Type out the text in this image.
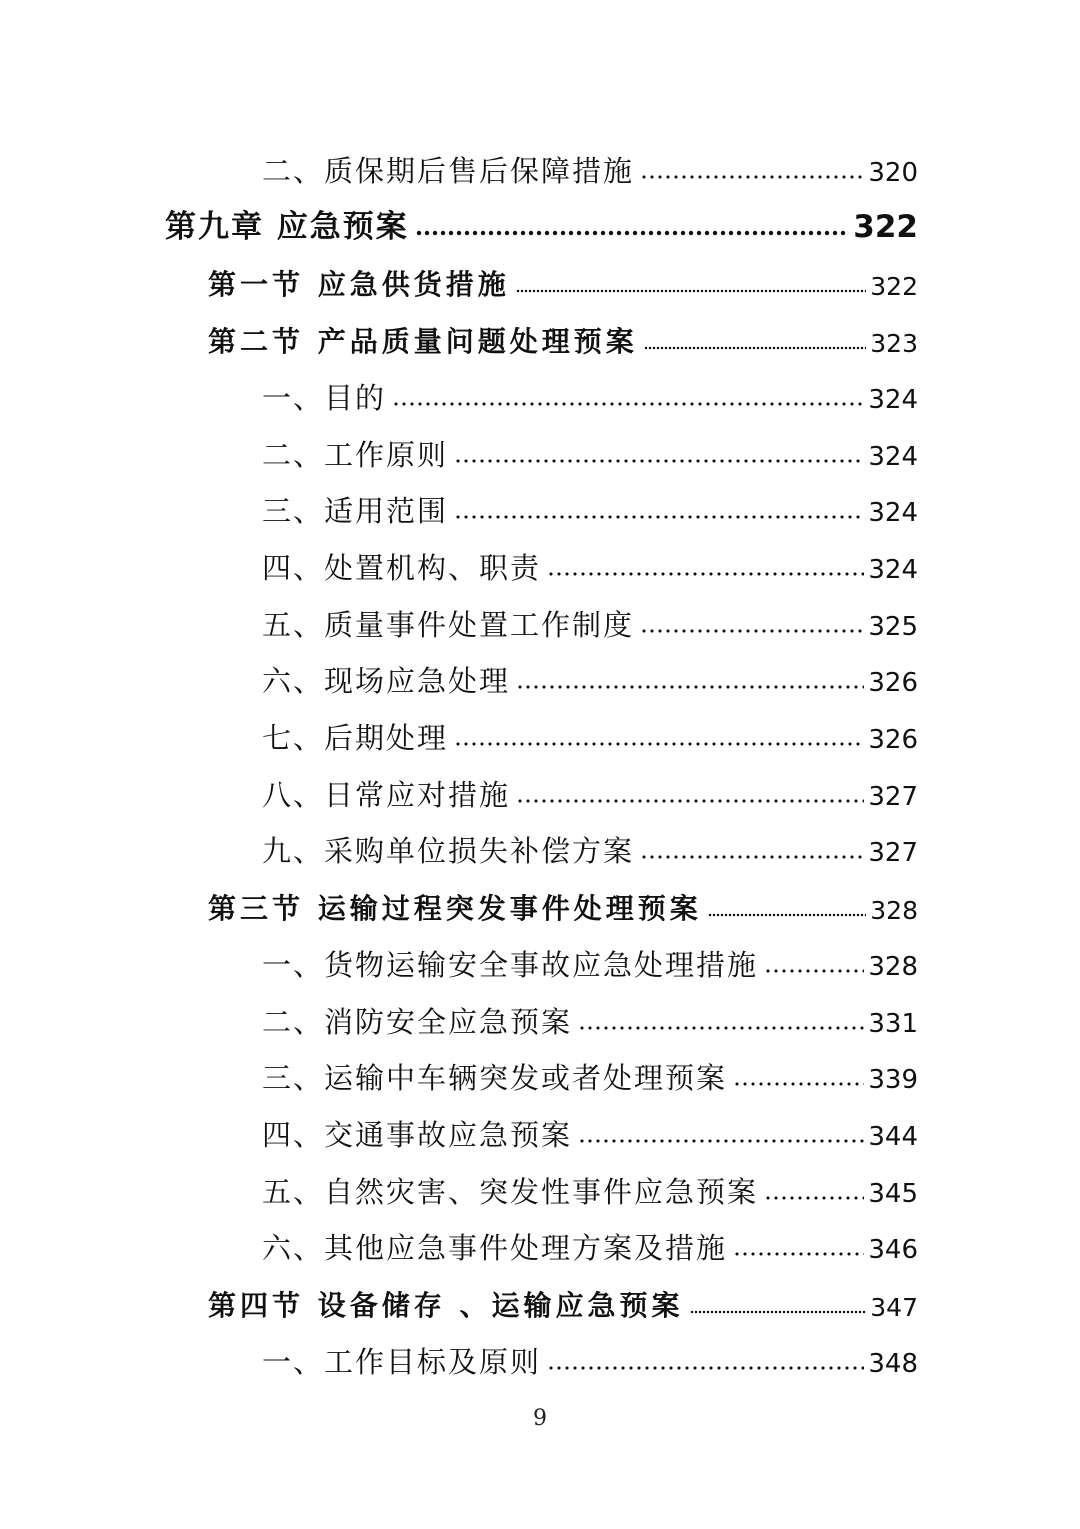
二、质保期后售后保障措施	320
第九章 应急预案	322
第一节 应急供货措施	322
第二节 产品质量问题处理预案	323
一、目的	324
二、工作原则	324
三、适用范围	324
四、处置机构、职责	324
五、质量事件处置工作制度	325
六、现场应急处理	326
七、后期处理	326
八、日常应对措施	327
九、采购单位损失补偿方案	327
第三节 运输过程突发事件处理预案	328
一、货物运输安全事故应急处理措施	328
二、消防安全应急预案	331
三、运输中车辆突发或者处理预案	339
四、交通事故应急预案	344
五、自然灾害、突发性事件应急预案	345
六、其他应急事件处理方案及措施	346
第四节 设备储存 、运输应急预案	347
一、工作目标及原则	348
9
